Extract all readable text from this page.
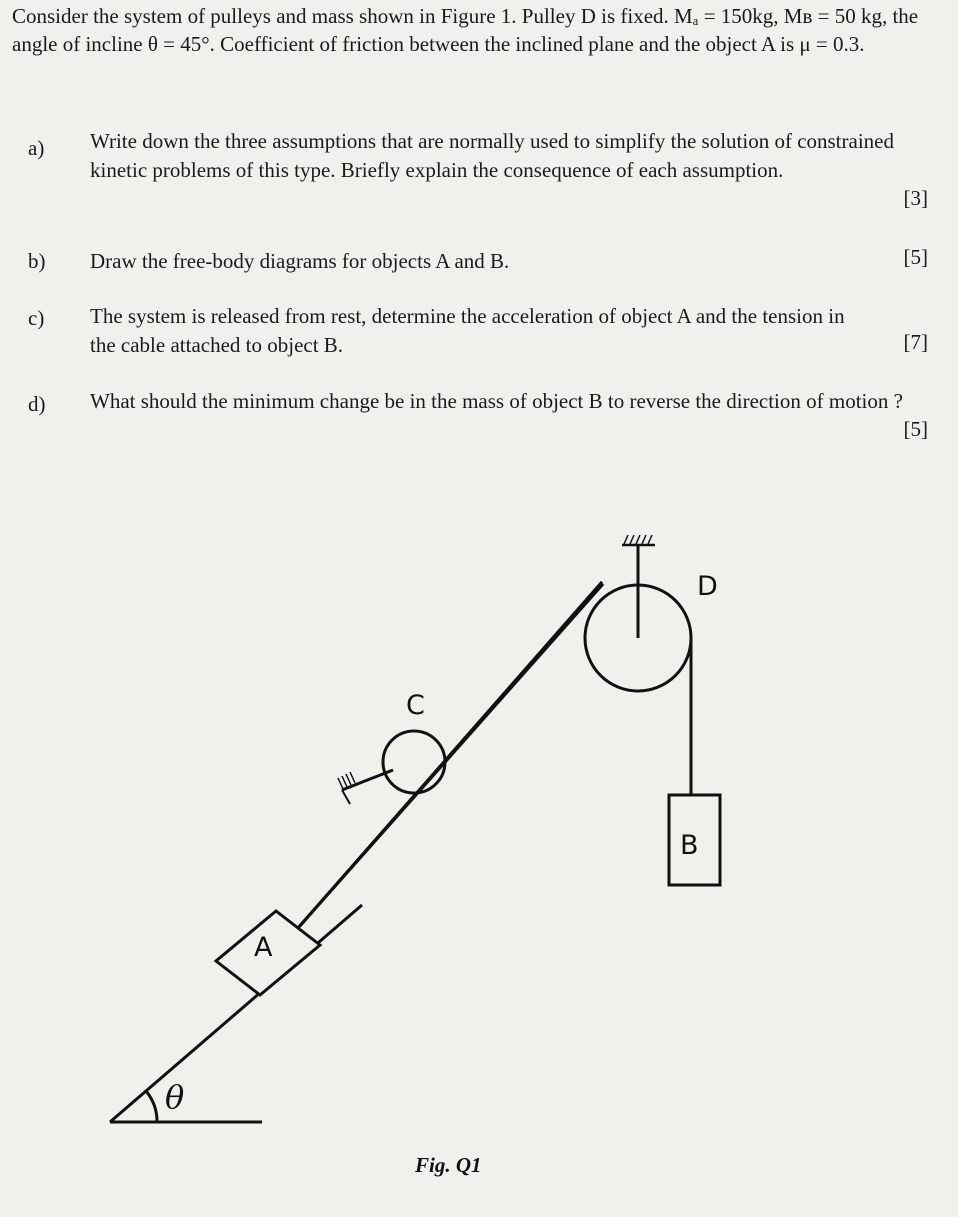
Consider the system of pulleys and mass shown in Figure 1. Pulley D is fixed. Mₐ = 150kg, Mʙ = 50 kg, the angle of incline θ = 45°. Coefficient of friction between the inclined plane and the object A is μ = 0.3.
a) Write down the three assumptions that are normally used to simplify the solution of constrained kinetic problems of this type. Briefly explain the consequence of each assumption.
[3]
b) Draw the free-body diagrams for objects A and B.	[5]
c) The system is released from rest, determine the acceleration of object A and the tension in the cable attached to object B.	[7]
d) What should the minimum change be in the mass of object B to reverse the direction of motion ?
[5]
A
B
C
D
θ
Fig. Q1
